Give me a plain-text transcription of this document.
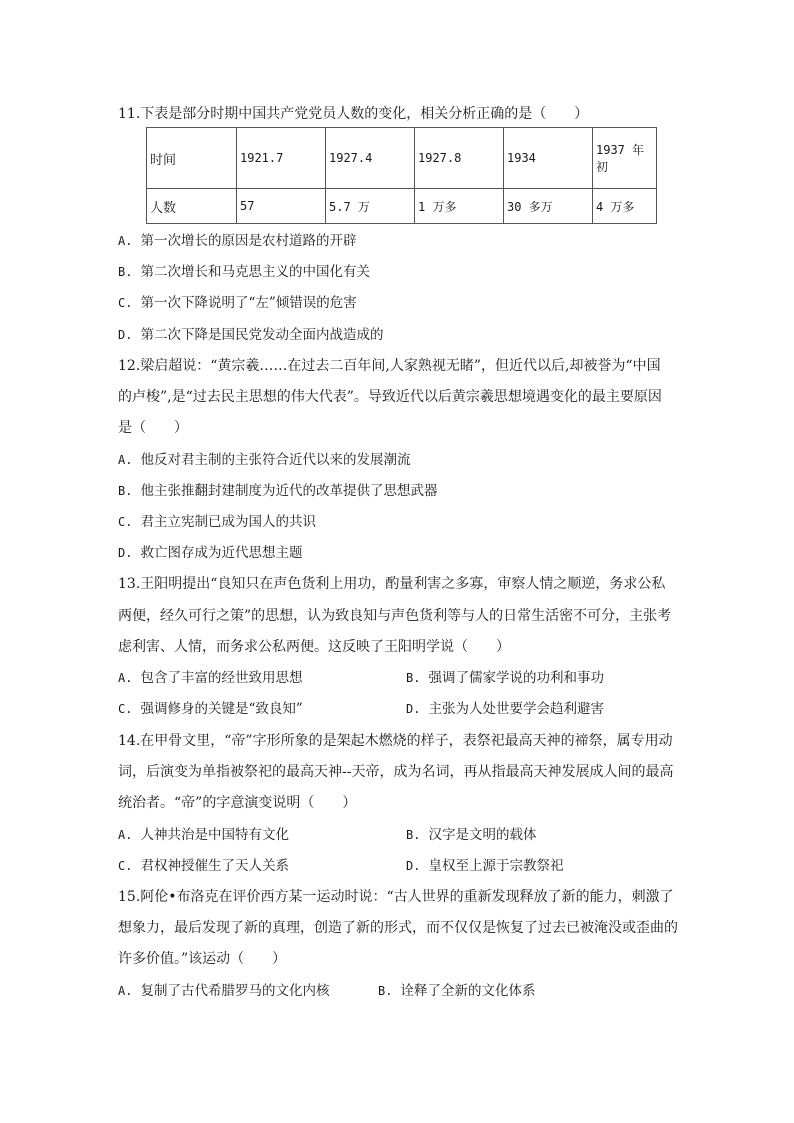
11.下表是部分时期中国共产党党员人数的变化，相关分析正确的是（　　）
时间	1921.7	1927.4	1927.8	1934	1937 年初
人数	57	5.7 万	1 万多	30 多万	4 万多
A. 第一次增长的原因是农村道路的开辟
B. 第二次增长和马克思主义的中国化有关
C. 第一次下降说明了“左”倾错误的危害
D. 第二次下降是国民党发动全面内战造成的
12.梁启超说：“黄宗羲……在过去二百年间,人家熟视无睹”，但近代以后,却被誉为“中国
的卢梭”,是“过去民主思想的伟大代表”。导致近代以后黄宗羲思想境遇变化的最主要原因
是（　　）
A. 他反对君主制的主张符合近代以来的发展潮流
B. 他主张推翻封建制度为近代的改革提供了思想武器
C. 君主立宪制已成为国人的共识
D. 救亡图存成为近代思想主题
13.王阳明提出“良知只在声色货利上用功，酌量利害之多寡，审察人情之顺逆，务求公私
两便，经久可行之策”的思想，认为致良知与声色货利等与人的日常生活密不可分，主张考
虑利害、人情，而务求公私两便。这反映了王阳明学说（　　）
A. 包含了丰富的经世致用思想	B. 强调了儒家学说的功利和事功
C. 强调修身的关键是“致良知”	D. 主张为人处世要学会趋利避害
14.在甲骨文里，“帝”字形所象的是架起木燃烧的样子，表祭祀最高天神的禘祭，属专用动
词，后演变为单指被祭祀的最高天神--天帝，成为名词，再从指最高天神发展成人间的最高
统治者。“帝”的字意演变说明（　　）
A. 人神共治是中国特有文化	B. 汉字是文明的载体
C. 君权神授催生了天人关系	D. 皇权至上源于宗教祭祀
15.阿伦•布洛克在评价西方某一运动时说：“古人世界的重新发现释放了新的能力，刺激了
想象力，最后发现了新的真理，创造了新的形式，而不仅仅是恢复了过去已被淹没或歪曲的
许多价值。”该运动（　　）
A. 复制了古代希腊罗马的文化内核	B. 诠释了全新的文化体系
